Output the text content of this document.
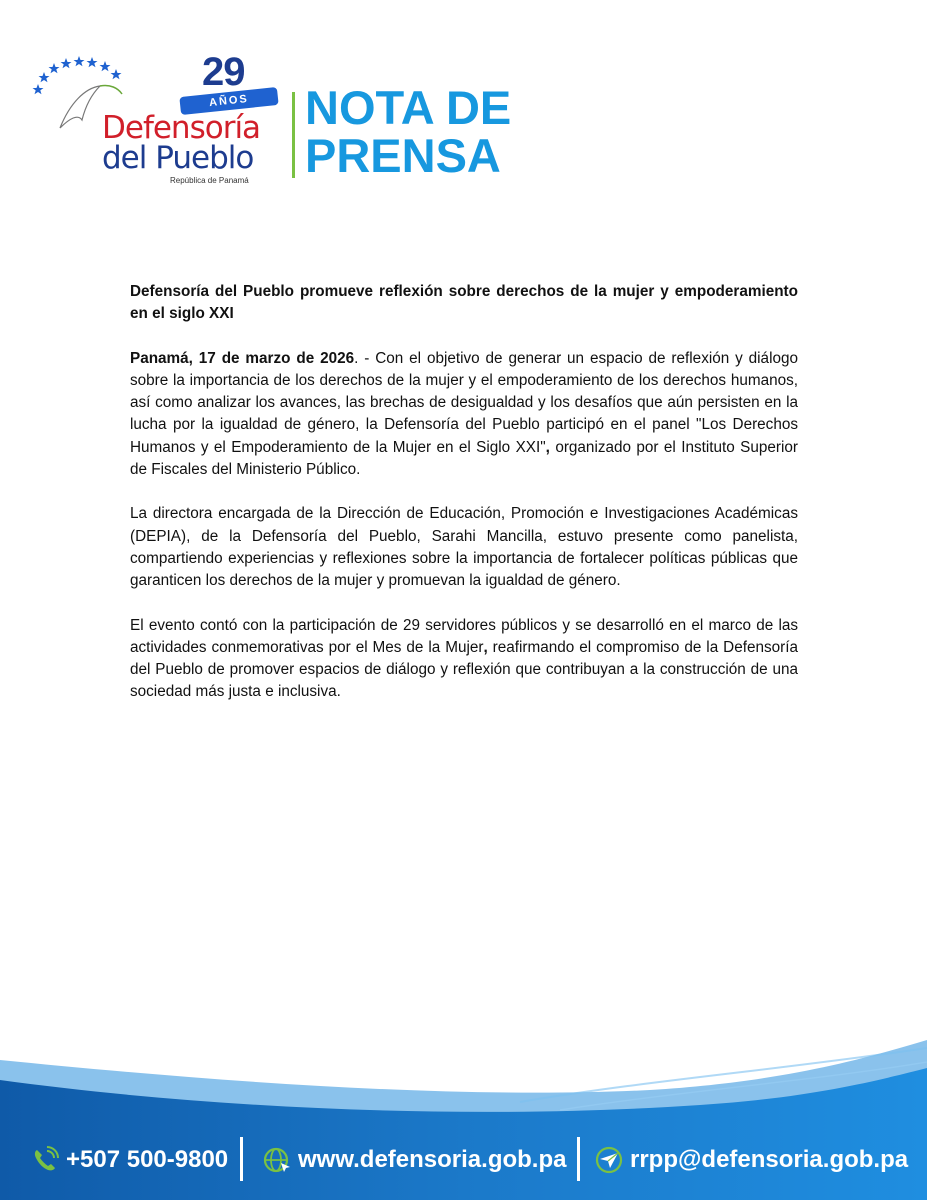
29
AÑOS
Defensoría
del Pueblo
República de Panamá
NOTA DE
PRENSA

Defensoría del Pueblo promueve reflexión sobre derechos de la mujer y empoderamiento en el siglo XXI

Panamá, 17 de marzo de 2026. - Con el objetivo de generar un espacio de reflexión y diálogo sobre la importancia de los derechos de la mujer y el empoderamiento de los derechos humanos, así como analizar los avances, las brechas de desigualdad y los desafíos que aún persisten en la lucha por la igualdad de género, la Defensoría del Pueblo participó en el panel "Los Derechos Humanos y el Empoderamiento de la Mujer en el Siglo XXI", organizado por el Instituto Superior de Fiscales del Ministerio Público.

La directora encargada de la Dirección de Educación, Promoción e Investigaciones Académicas (DEPIA), de la Defensoría del Pueblo, Sarahi Mancilla, estuvo presente como panelista, compartiendo experiencias y reflexiones sobre la importancia de fortalecer políticas públicas que garanticen los derechos de la mujer y promuevan la igualdad de género.

El evento contó con la participación de 29 servidores públicos y se desarrolló en el marco de las actividades conmemorativas por el Mes de la Mujer, reafirmando el compromiso de la Defensoría del Pueblo de promover espacios de diálogo y reflexión que contribuyan a la construcción de una sociedad más justa e inclusiva.

+507 500-9800	www.defensoria.gob.pa	rrpp@defensoria.gob.pa
